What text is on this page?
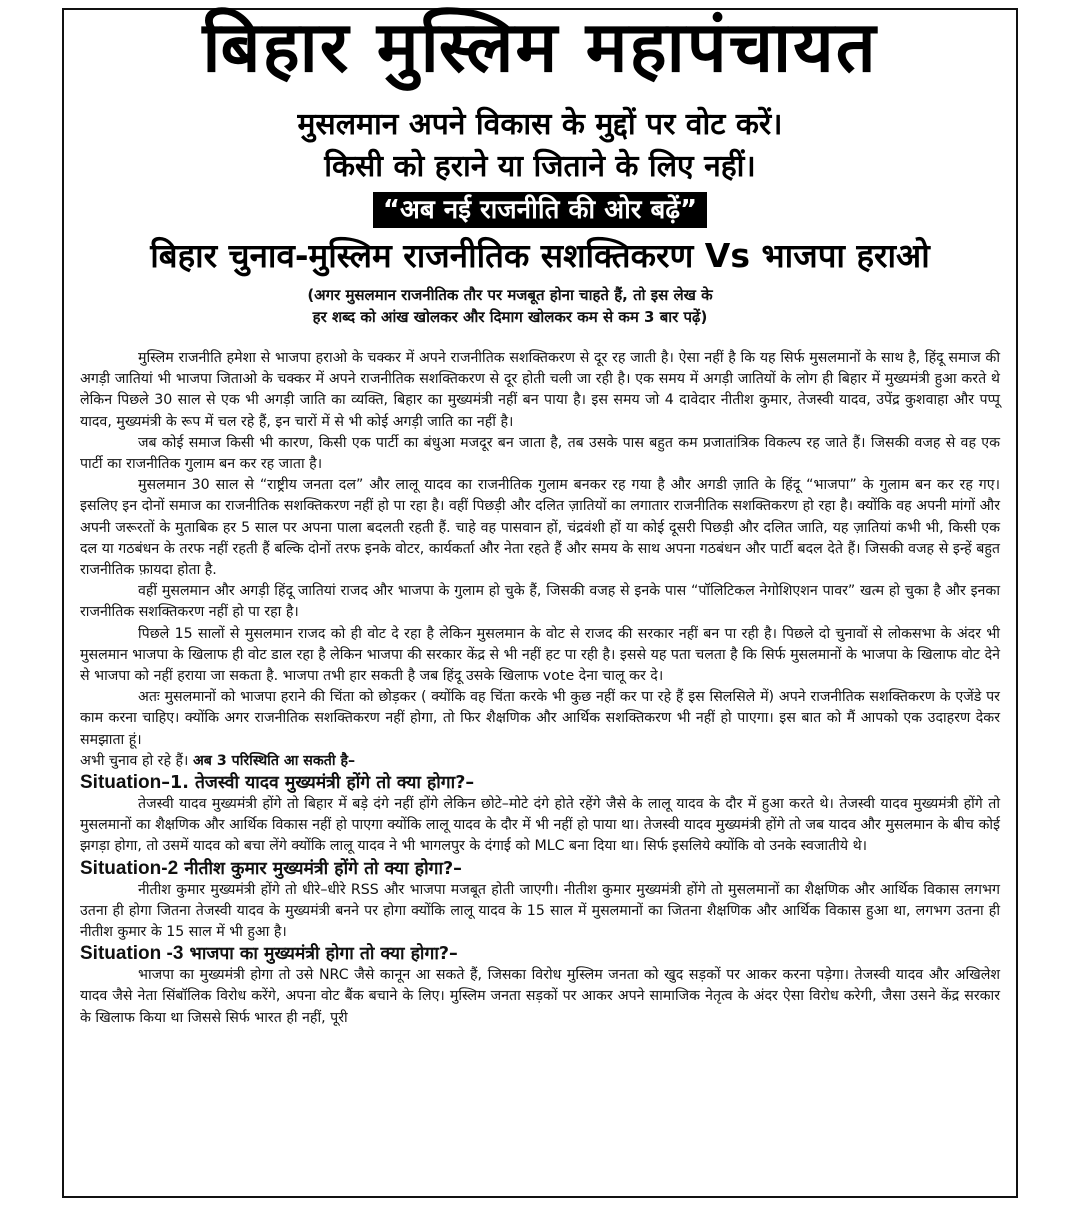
बिहार मुस्लिम महापंचायत
मुसलमान अपने विकास के मुद्दों पर वोट करें।
किसी को हराने या जिताने के लिए नहीं।
“अब नई राजनीति की ओर बढ़ें”
बिहार चुनाव-मुस्लिम राजनीतिक सशक्तिकरण Vs भाजपा हराओ
(अगर मुसलमान राजनीतिक तौर पर मजबूत होना चाहते हैं, तो इस लेख के
हर शब्द को आंख खोलकर और दिमाग खोलकर कम से कम 3 बार पढ़ें)

मुस्लिम राजनीति हमेशा से भाजपा हराओ के चक्कर में अपने राजनीतिक सशक्तिकरण से दूर रह जाती है। ऐसा नहीं है कि यह सिर्फ मुसलमानों के साथ है, हिंदू समाज की अगड़ी जातियां भी भाजपा जिताओ के चक्कर में अपने राजनीतिक सशक्तिकरण से दूर होती चली जा रही है। एक समय में अगड़ी जातियों के लोग ही बिहार में मुख्यमंत्री हुआ करते थे लेकिन पिछले 30 साल से एक भी अगड़ी जाति का व्यक्ति, बिहार का मुख्यमंत्री नहीं बन पाया है। इस समय जो 4 दावेदार नीतीश कुमार, तेजस्वी यादव, उपेंद्र कुशवाहा और पप्पू यादव, मुख्यमंत्री के रूप में चल रहे हैं, इन चारों में से भी कोई अगड़ी जाति का नहीं है।

जब कोई समाज किसी भी कारण, किसी एक पार्टी का बंधुआ मजदूर बन जाता है, तब उसके पास बहुत कम प्रजातांत्रिक विकल्प रह जाते हैं। जिसकी वजह से वह एक पार्टी का राजनीतिक गुलाम बन कर रह जाता है।

मुसलमान 30 साल से “राष्ट्रीय जनता दल” और लालू यादव का राजनीतिक गुलाम बनकर रह गया है और अगडी ज़ाति के हिंदू “भाजपा” के गुलाम बन कर रह गए। इसलिए इन दोनों समाज का राजनीतिक सशक्तिकरण नहीं हो पा रहा है। वहीं पिछड़ी और दलित ज़ातियों का लगातार राजनीतिक सशक्तिकरण हो रहा है। क्योंकि वह अपनी मांगों और अपनी जरूरतों के मुताबिक हर 5 साल पर अपना पाला बदलती रहती हैं. चाहे वह पासवान हों, चंद्रवंशी हों या कोई दूसरी पिछड़ी और दलित जाति, यह ज़ातियां कभी भी, किसी एक दल या गठबंधन के तरफ नहीं रहती हैं बल्कि दोनों तरफ इनके वोटर, कार्यकर्ता और नेता रहते हैं और समय के साथ अपना गठबंधन और पार्टी बदल देते हैं। जिसकी वजह से इन्हें बहुत राजनीतिक फ़ायदा होता है.

वहीं मुसलमान और अगड़ी हिंदू जातियां राजद और भाजपा के गुलाम हो चुके हैं, जिसकी वजह से इनके पास “पॉलिटिकल नेगोशिएशन पावर” खत्म हो चुका है और इनका राजनीतिक सशक्तिकरण नहीं हो पा रहा है।

पिछले 15 सालों से मुसलमान राजद को ही वोट दे रहा है लेकिन मुसलमान के वोट से राजद की सरकार नहीं बन पा रही है। पिछले दो चुनावों से लोकसभा के अंदर भी मुसलमान भाजपा के खिलाफ ही वोट डाल रहा है लेकिन भाजपा की सरकार केंद्र से भी नहीं हट पा रही है। इससे यह पता चलता है कि सिर्फ मुसलमानों के भाजपा के खिलाफ वोट देने से भाजपा को नहीं हराया जा सकता है. भाजपा तभी हार सकती है जब हिंदू उसके खिलाफ vote देना चालू कर दे।

अतः मुसलमानों को भाजपा हराने की चिंता को छोड़कर ( क्योंकि वह चिंता करके भी कुछ नहीं कर पा रहे हैं इस सिलसिले में) अपने राजनीतिक सशक्तिकरण के एजेंडे पर काम करना चाहिए। क्योंकि अगर राजनीतिक सशक्तिकरण नहीं होगा, तो फिर शैक्षणिक और आर्थिक सशक्तिकरण भी नहीं हो पाएगा। इस बात को मैं आपको एक उदाहरण देकर समझाता हूं।

अभी चुनाव हो रहे हैं। अब 3 परिस्थिति आ सकती है–

Situation–1. तेजस्वी यादव मुख्यमंत्री होंगे तो क्या होगा?–

तेजस्वी यादव मुख्यमंत्री होंगे तो बिहार में बड़े दंगे नहीं होंगे लेकिन छोटे–मोटे दंगे होते रहेंगे जैसे के लालू यादव के दौर में हुआ करते थे। तेजस्वी यादव मुख्यमंत्री होंगे तो मुसलमानों का शैक्षणिक और आर्थिक विकास नहीं हो पाएगा क्योंकि लालू यादव के दौर में भी नहीं हो पाया था। तेजस्वी यादव मुख्यमंत्री होंगे तो जब यादव और मुसलमान के बीच कोई झगड़ा होगा, तो उसमें यादव को बचा लेंगे क्योंकि लालू यादव ने भी भागलपुर के दंगाई को MLC बना दिया था। सिर्फ इसलिये क्योंकि वो उनके स्वजातीये थे।

Situation-2 नीतीश कुमार मुख्यमंत्री होंगे तो क्या होगा?–

नीतीश कुमार मुख्यमंत्री होंगे तो धीरे–धीरे RSS और भाजपा मजबूत होती जाएगी। नीतीश कुमार मुख्यमंत्री होंगे तो मुसलमानों का शैक्षणिक और आर्थिक विकास लगभग उतना ही होगा जितना तेजस्वी यादव के मुख्यमंत्री बनने पर होगा क्योंकि लालू यादव के 15 साल में मुसलमानों का जितना शैक्षणिक और आर्थिक विकास हुआ था, लगभग उतना ही नीतीश कुमार के 15 साल में भी हुआ है।

Situation -3 भाजपा का मुख्यमंत्री होगा तो क्या होगा?–

भाजपा का मुख्यमंत्री होगा तो उसे NRC जैसे कानून आ सकते हैं, जिसका विरोध मुस्लिम जनता को खुद सड़कों पर आकर करना पड़ेगा। तेजस्वी यादव और अखिलेश यादव जैसे नेता सिंबॉलिक विरोध करेंगे, अपना वोट बैंक बचाने के लिए। मुस्लिम जनता सड़कों पर आकर अपने सामाजिक नेतृत्व के अंदर ऐसा विरोध करेगी, जैसा उसने केंद्र सरकार के खिलाफ किया था जिससे सिर्फ भारत ही नहीं, पूरी
